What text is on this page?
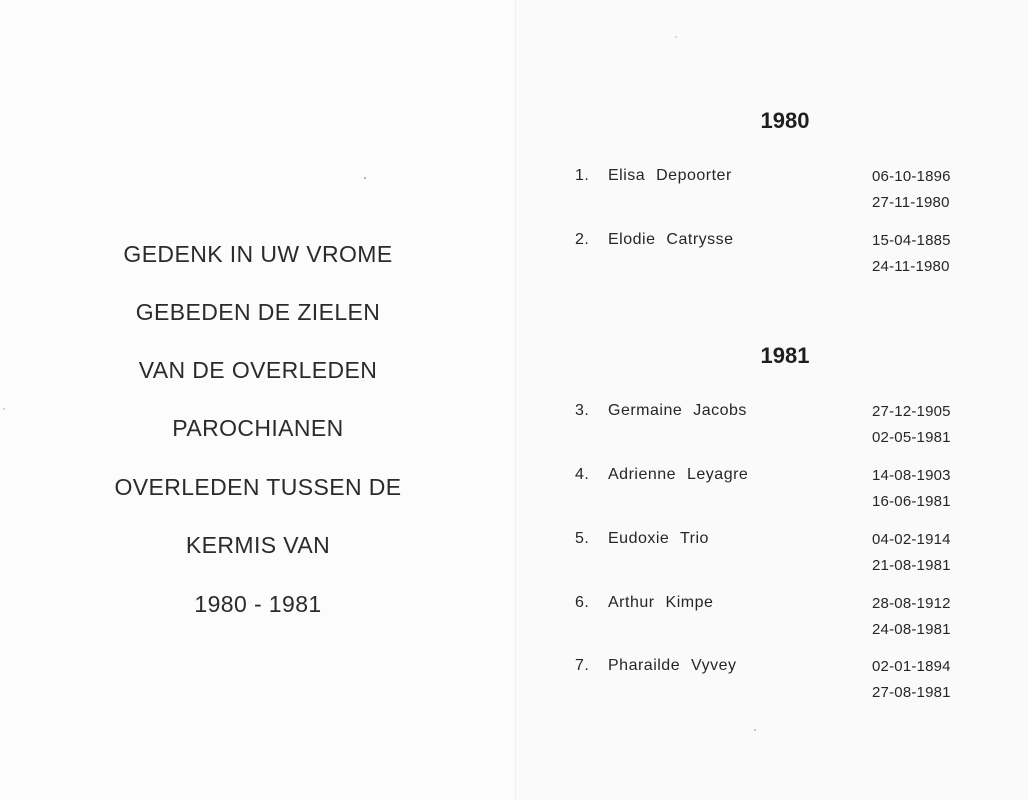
GEDENK IN UW VROME
GEBEDEN DE ZIELEN
VAN DE OVERLEDEN
PAROCHIANEN
OVERLEDEN TUSSEN DE
KERMIS VAN
1980 - 1981
1980
1. Elisa Depoorter	06-10-1896
27-11-1980
2. Elodie Catrysse	15-04-1885
24-11-1980
1981
3. Germaine Jacobs	27-12-1905
02-05-1981
4. Adrienne Leyagre	14-08-1903
16-06-1981
5. Eudoxie Trio	04-02-1914
21-08-1981
6. Arthur Kimpe	28-08-1912
24-08-1981
7. Pharailde Vyvey	02-01-1894
27-08-1981
